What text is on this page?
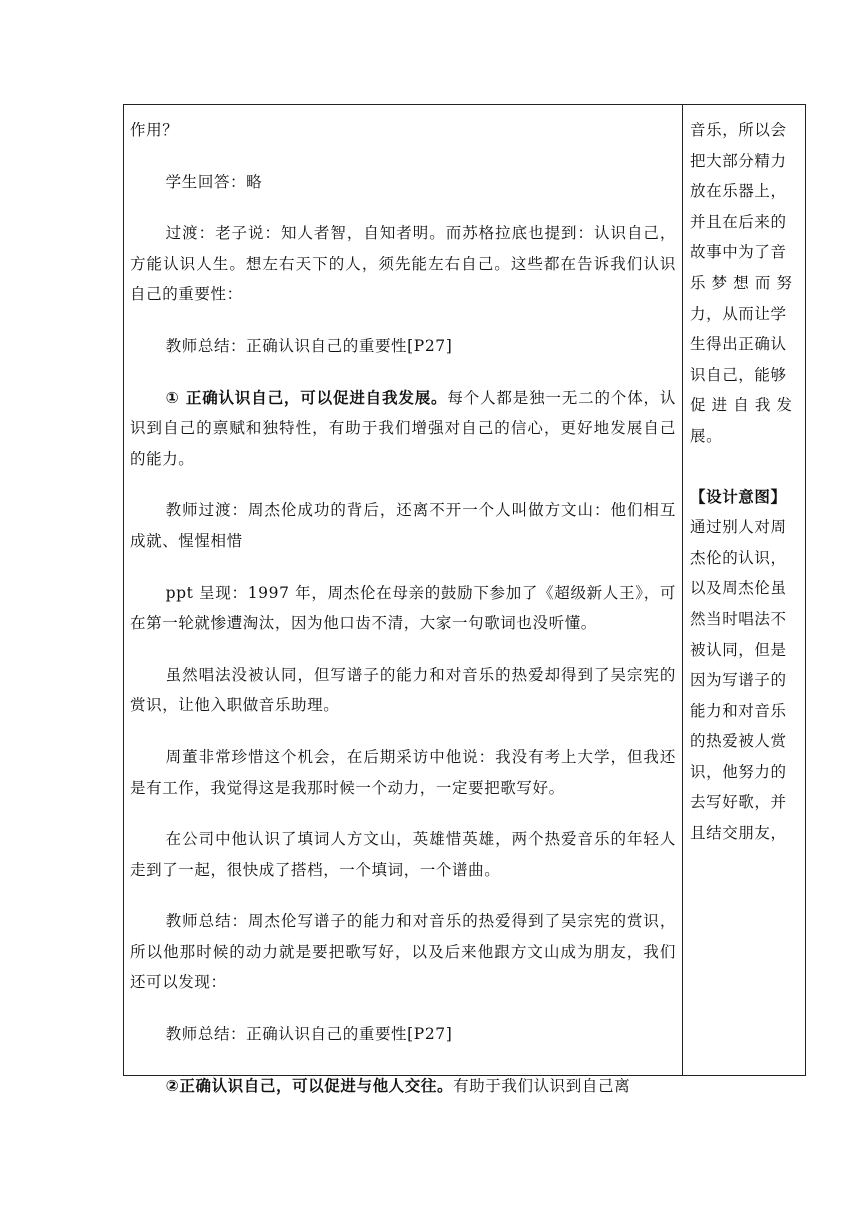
作用？

学生回答：略

过渡：老子说：知人者智，自知者明。而苏格拉底也提到：认识自己，方能认识人生。想左右天下的人，须先能左右自己。这些都在告诉我们认识自己的重要性：

教师总结：正确认识自己的重要性[P27]

① 正确认识自己，可以促进自我发展。每个人都是独一无二的个体，认识到自己的禀赋和独特性，有助于我们增强对自己的信心，更好地发展自己的能力。

教师过渡：周杰伦成功的背后，还离不开一个人叫做方文山：他们相互成就、惺惺相惜

ppt 呈现：1997 年，周杰伦在母亲的鼓励下参加了《超级新人王》，可在第一轮就惨遭淘汰，因为他口齿不清，大家一句歌词也没听懂。

虽然唱法没被认同，但写谱子的能力和对音乐的热爱却得到了吴宗宪的赏识，让他入职做音乐助理。

周董非常珍惜这个机会，在后期采访中他说：我没有考上大学，但我还是有工作，我觉得这是我那时候一个动力，一定要把歌写好。

在公司中他认识了填词人方文山，英雄惜英雄，两个热爱音乐的年轻人走到了一起，很快成了搭档，一个填词，一个谱曲。

教师总结：周杰伦写谱子的能力和对音乐的热爱得到了吴宗宪的赏识，所以他那时候的动力就是要把歌写好，以及后来他跟方文山成为朋友，我们还可以发现：

教师总结：正确认识自己的重要性[P27]

②正确认识自己，可以促进与他人交往。有助于我们认识到自己离

音乐，所以会

把大部分精力

放在乐器上，

并且在后来的

故事中为了音

乐 梦 想 而 努

力，从而让学

生得出正确认

识自己，能够

促 进 自 我 发

展。

【设计意图】

通过别人对周

杰伦的认识，

以及周杰伦虽

然当时唱法不

被认同，但是

因为写谱子的

能力和对音乐

的热爱被人赏

识，他努力的

去写好歌，并

且结交朋友，
